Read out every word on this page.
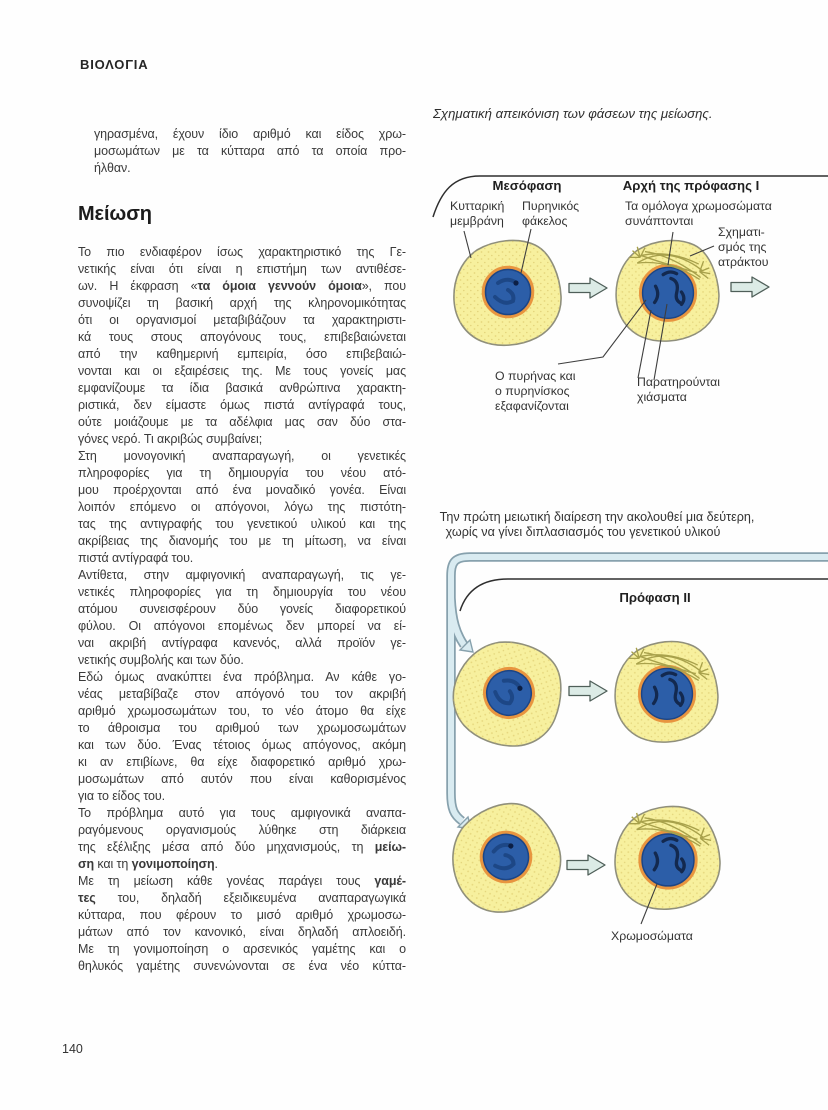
ΒΙΟΛΟΓΙΑ
γηρασμένα, έχουν ίδιο αριθμό και είδος χρω-
μοσωμάτων με τα κύτταρα από τα οποία προ-
ήλθαν.
Μείωση
Το πιο ενδιαφέρον ίσως χαρακτηριστικό της Γε-
νετικής είναι ότι είναι η επιστήμη των αντιθέσε-
ων. Η έκφραση «τα όμοια γεννούν όμοια», που
συνοψίζει τη βασική αρχή της κληρονομικότητας
ότι οι οργανισμοί μεταβιβάζουν τα χαρακτηριστι-
κά τους στους απογόνους τους, επιβεβαιώνεται
από την καθημερινή εμπειρία, όσο επιβεβαιώ-
νονται και οι εξαιρέσεις της. Με τους γονείς μας
εμφανίζουμε τα ίδια βασικά ανθρώπινα χαρακτη-
ριστικά, δεν είμαστε όμως πιστά αντίγραφά τους,
ούτε μοιάζουμε με τα αδέλφια μας σαν δύο στα-
γόνες νερό. Τι ακριβώς συμβαίνει;
Στη μονογονική αναπαραγωγή, οι γενετικές
πληροφορίες για τη δημιουργία του νέου ατό-
μου προέρχονται από ένα μοναδικό γονέα. Είναι
λοιπόν επόμενο οι απόγονοι, λόγω της πιστότη-
τας της αντιγραφής του γενετικού υλικού και της
ακρίβειας της διανομής του με τη μίτωση, να είναι
πιστά αντίγραφά του.
Αντίθετα, στην αμφιγονική αναπαραγωγή, τις γε-
νετικές πληροφορίες για τη δημιουργία του νέου
ατόμου συνεισφέρουν δύο γονείς διαφορετικού
φύλου. Οι απόγονοι επομένως δεν μπορεί να εί-
ναι ακριβή αντίγραφα κανενός, αλλά προϊόν γε-
νετικής συμβολής και των δύο.
Εδώ όμως ανακύπτει ένα πρόβλημα. Αν κάθε γο-
νέας μεταβίβαζε στον απόγονό του τον ακριβή
αριθμό χρωμοσωμάτων του, το νέο άτομο θα είχε
το άθροισμα του αριθμού των χρωμοσωμάτων
και των δύο. Ένας τέτοιος όμως απόγονος, ακόμη
κι αν επιβίωνε, θα είχε διαφορετικό αριθμό χρω-
μοσωμάτων από αυτόν που είναι καθορισμένος
για το είδος του.
Το πρόβλημα αυτό για τους αμφιγονικά αναπα-
ραγόμενους οργανισμούς λύθηκε στη διάρκεια
της εξέλιξης μέσα από δύο μηχανισμούς, τη μείω-
ση και τη γονιμοποίηση.
Με τη μείωση κάθε γονέας παράγει τους γαμέ-
τες του, δηλαδή εξειδικευμένα αναπαραγωγικά
κύτταρα, που φέρουν το μισό αριθμό χρωμοσω-
μάτων από τον κανονικό, είναι δηλαδή απλοειδή.
Με τη γονιμοποίηση ο αρσενικός γαμέτης και ο
θηλυκός γαμέτης συνενώνονται σε ένα νέο κύττα-
Σχηματική απεικόνιση των φάσεων της μείωσης.
Μεσόφαση	Αρχή της πρόφασης Ι
Πρόφαση ΙΙ
Κυτταρική
μεμβράνη
Πυρηνικός
φάκελος
Τα ομόλογα χρωμοσώματα
συνάπτονται
Σχηματι-
σμός της
ατράκτου
Ο πυρήνας και
ο πυρηνίσκος
εξαφανίζονται
Παρατηρούνται
χιάσματα
Χρωμοσώματα
Την πρώτη μειωτική διαίρεση την ακολουθεί μια δεύτερη,
χωρίς να γίνει διπλασιασμός του γενετικού υλικού
140
